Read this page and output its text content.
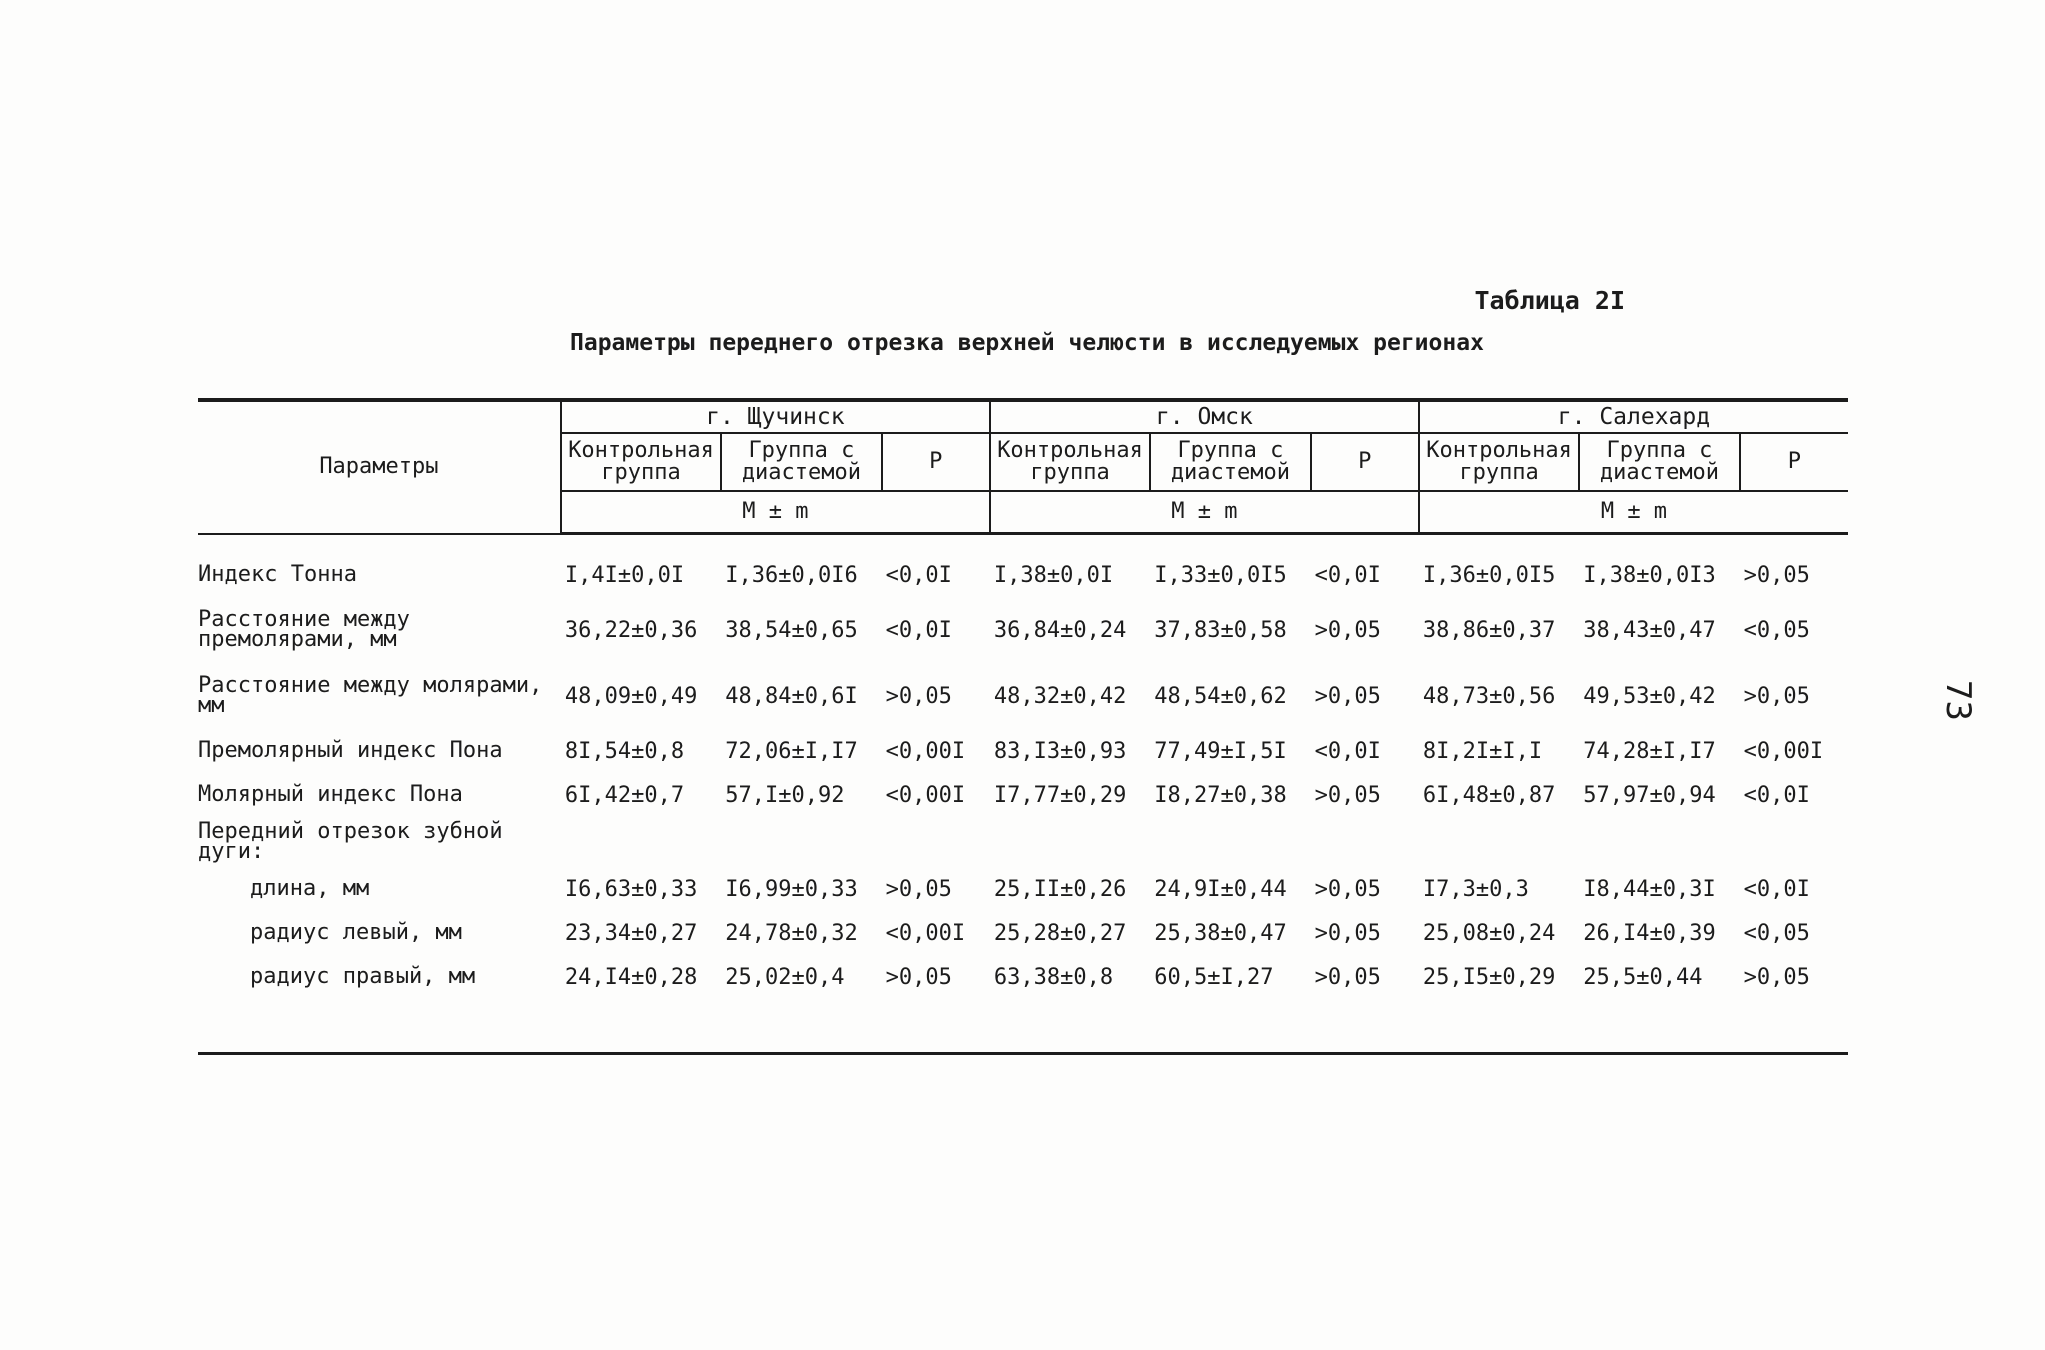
Таблица 2I
Параметры переднего отрезка верхней челюсти в исследуемых регионах
73
Параметры	г. Щучинск			г. Омск			г. Салехард		
	Контрольная группа	Группа с диастемой	Р	Контрольная группа	Группа с диастемой	Р	Контрольная группа	Группа с диастемой	Р
	М ± m			М ± m			М ± m		
Индекс Тонна	I,4I±0,0I	I,36±0,0I6	<0,0I	I,38±0,0I	I,33±0,0I5	<0,0I	I,36±0,0I5	I,38±0,0I3	>0,05
Расстояние между премолярами, мм	36,22±0,36	38,54±0,65	<0,0I	36,84±0,24	37,83±0,58	>0,05	38,86±0,37	38,43±0,47	<0,05
Расстояние между молярами, мм	48,09±0,49	48,84±0,6I	>0,05	48,32±0,42	48,54±0,62	>0,05	48,73±0,56	49,53±0,42	>0,05
Премолярный индекс Пона	8I,54±0,8	72,06±I,I7	<0,00I	83,I3±0,93	77,49±I,5I	<0,0I	8I,2I±I,I	74,28±I,I7	<0,00I
Молярный индекс Пона	6I,42±0,7	57,I±0,92	<0,00I	I7,77±0,29	I8,27±0,38	>0,05	6I,48±0,87	57,97±0,94	<0,0I
Передний отрезок зубной дуги:									
длина, мм	I6,63±0,33	I6,99±0,33	>0,05	25,II±0,26	24,9I±0,44	>0,05	I7,3±0,3	I8,44±0,3I	<0,0I
радиус левый, мм	23,34±0,27	24,78±0,32	<0,00I	25,28±0,27	25,38±0,47	>0,05	25,08±0,24	26,I4±0,39	<0,05
радиус правый, мм	24,I4±0,28	25,02±0,4	>0,05	63,38±0,8	60,5±I,27	>0,05	25,I5±0,29	25,5±0,44	>0,05
